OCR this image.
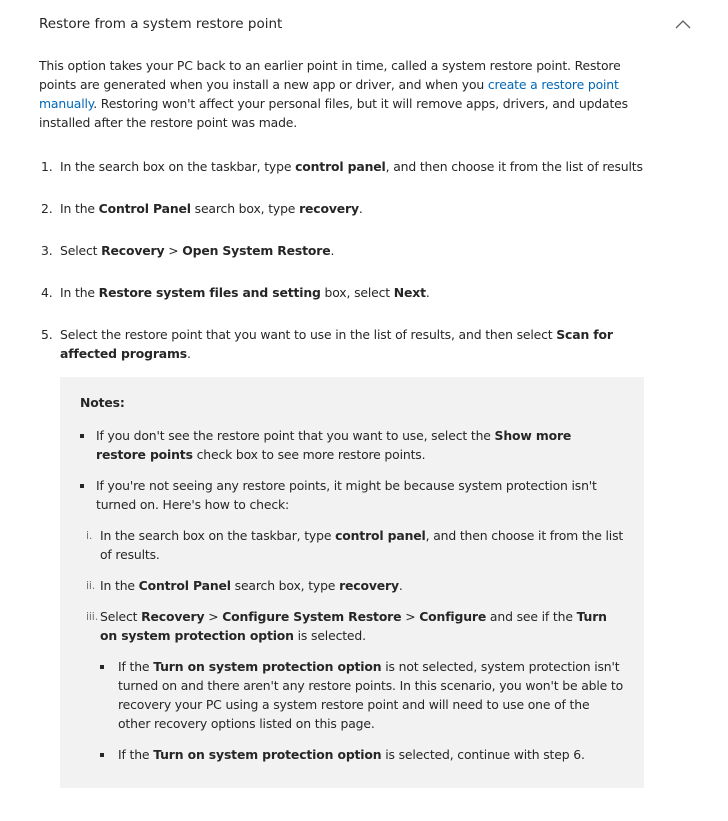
Restore from a system restore point

This option takes your PC back to an earlier point in time, called a system restore point. Restore points are generated when you install a new app or driver, and when you create a restore point manually. Restoring won't affect your personal files, but it will remove apps, drivers, and updates installed after the restore point was made.

1. In the search box on the taskbar, type control panel, and then choose it from the list of results
2. In the Control Panel search box, type recovery.
3. Select Recovery > Open System Restore.
4. In the Restore system files and setting box, select Next.
5. Select the restore point that you want to use in the list of results, and then select Scan for affected programs.
Notes:
If you don't see the restore point that you want to use, select the Show more restore points check box to see more restore points.
If you're not seeing any restore points, it might be because system protection isn't turned on. Here's how to check:
i. In the search box on the taskbar, type control panel, and then choose it from the list of results.
ii. In the Control Panel search box, type recovery.
iii. Select Recovery > Configure System Restore > Configure and see if the Turn on system protection option is selected.
If the Turn on system protection option is not selected, system protection isn't turned on and there aren't any restore points. In this scenario, you won't be able to recovery your PC using a system restore point and will need to use one of the other recovery options listed on this page.
If the Turn on system protection option is selected, continue with step 6.
